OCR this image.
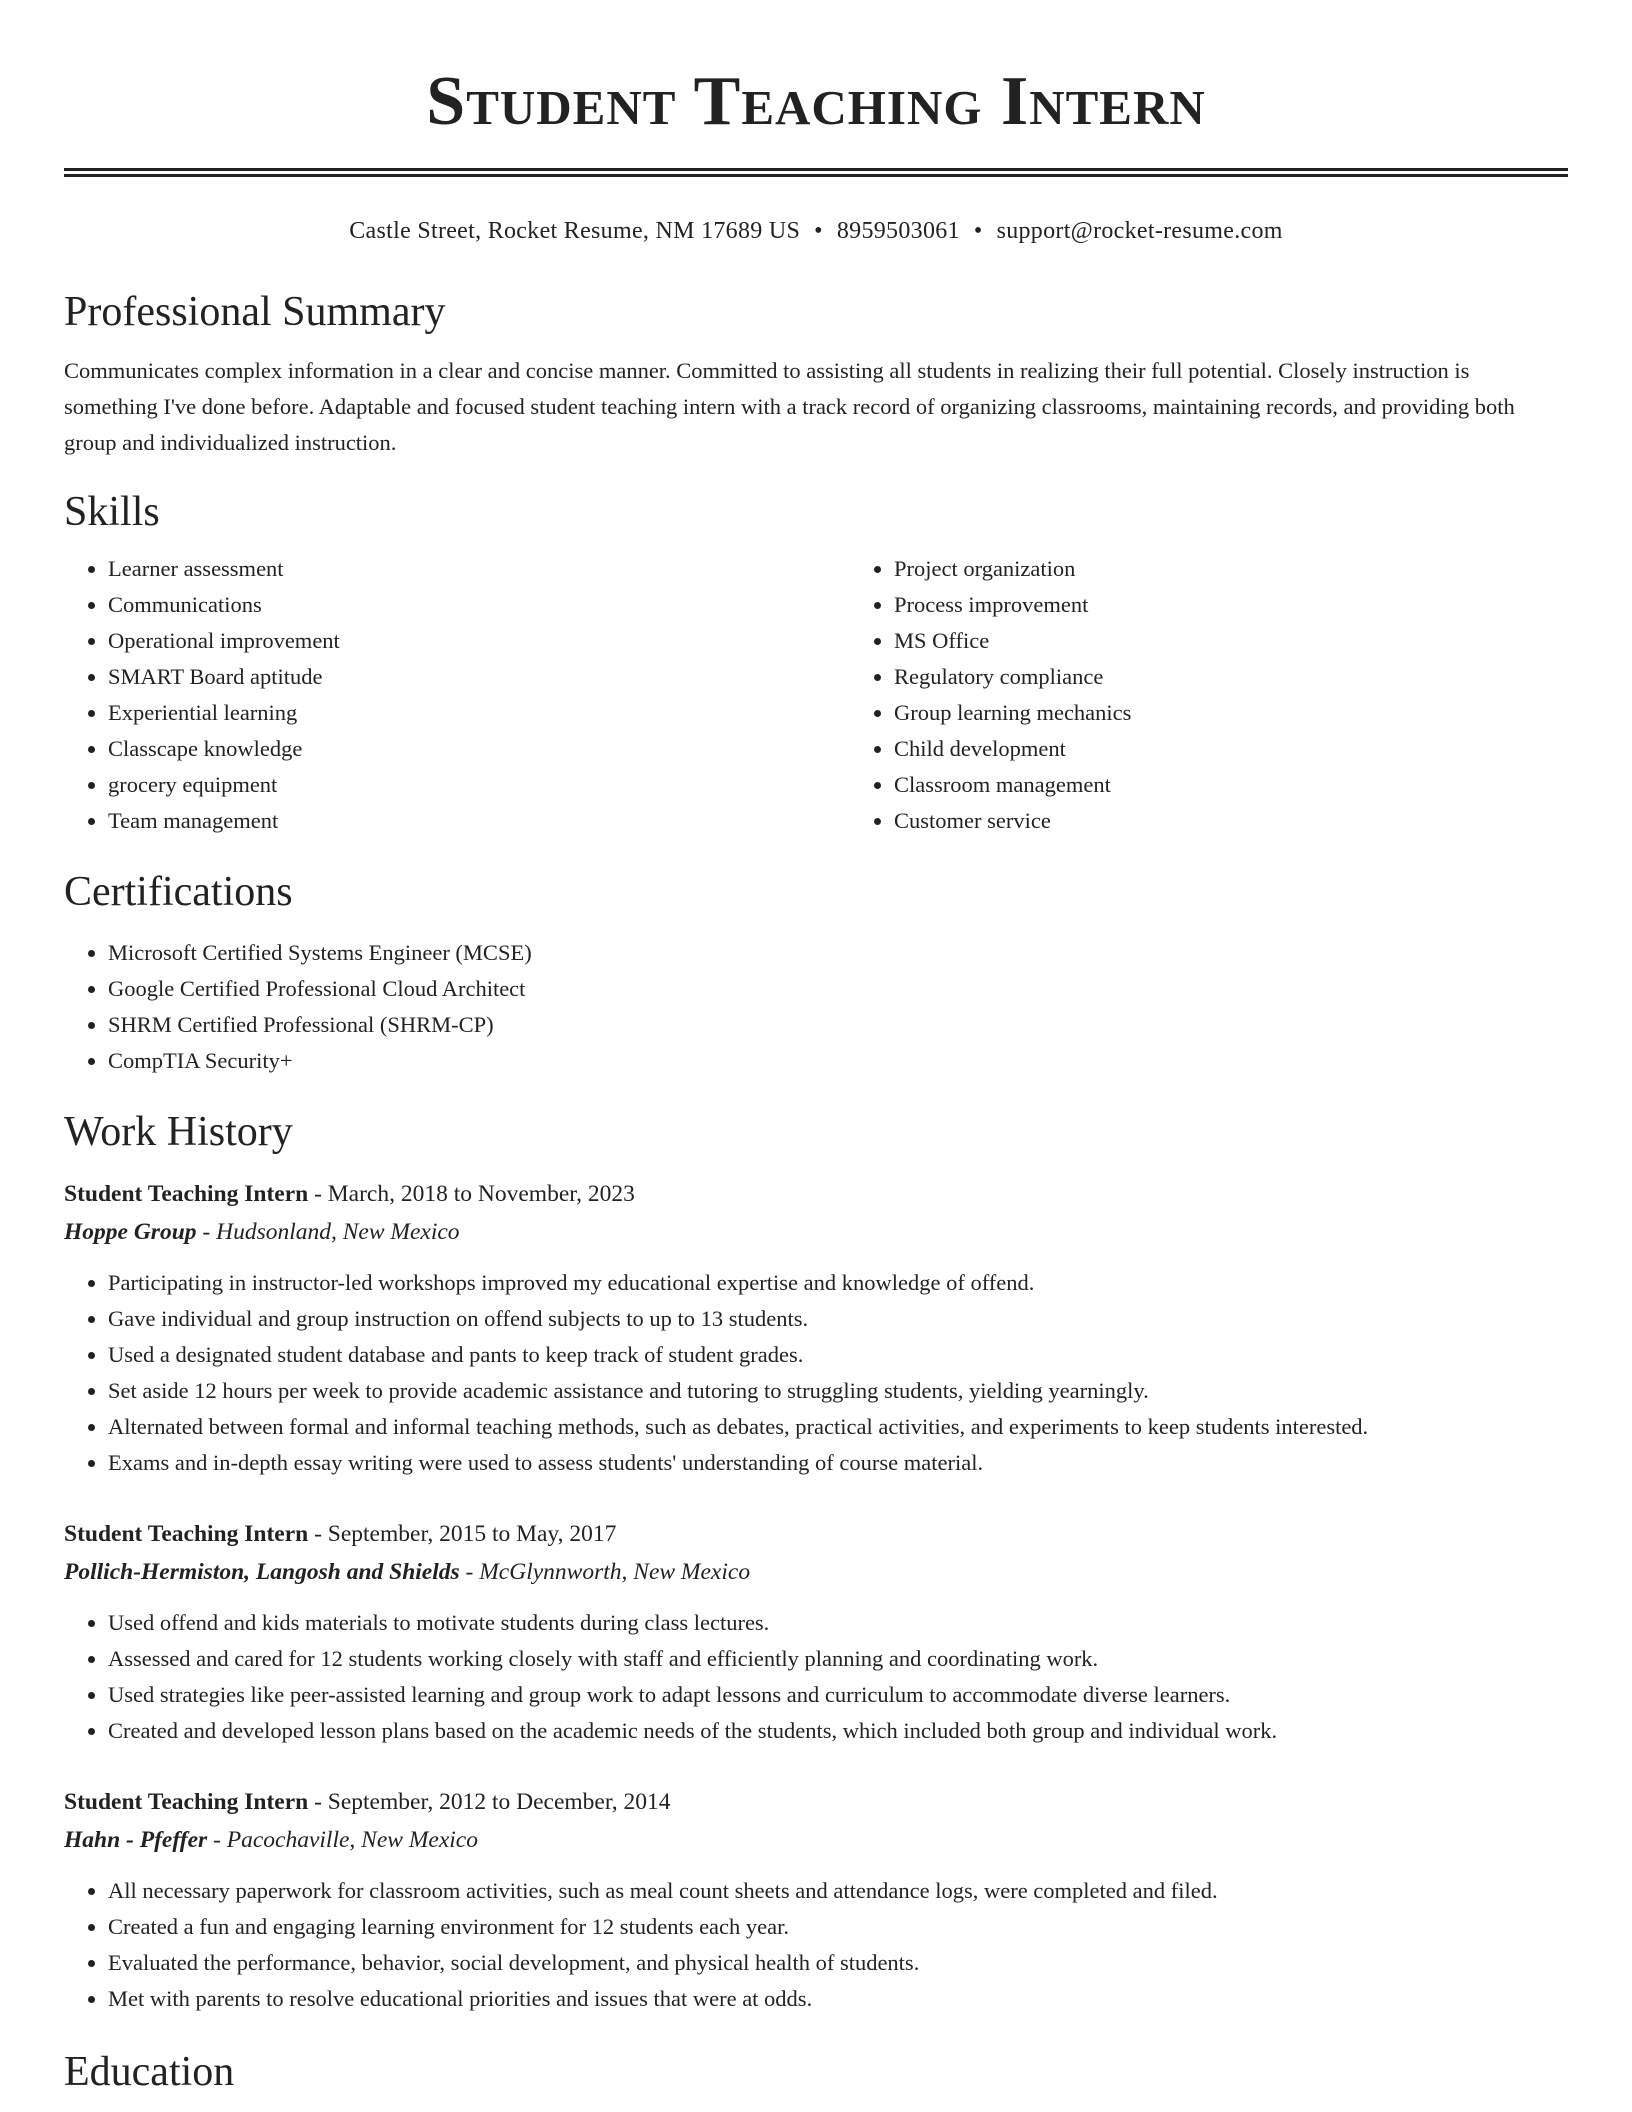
Student Teaching Intern
Castle Street, Rocket Resume, NM 17689 US • 8959503061 • support@rocket-resume.com
Professional Summary

Communicates complex information in a clear and concise manner. Committed to assisting all students in realizing their full potential. Closely instruction is something I've done before. Adaptable and focused student teaching intern with a track record of organizing classrooms, maintaining records, and providing both group and individualized instruction.

Skills
• Learner assessment
• Communications
• Operational improvement
• SMART Board aptitude
• Experiential learning
• Classcape knowledge
• grocery equipment
• Team management
• Project organization
• Process improvement
• MS Office
• Regulatory compliance
• Group learning mechanics
• Child development
• Classroom management
• Customer service
Certifications
• Microsoft Certified Systems Engineer (MCSE)
• Google Certified Professional Cloud Architect
• SHRM Certified Professional (SHRM-CP)
• CompTIA Security+
Work History
Student Teaching Intern - March, 2018 to November, 2023
Hoppe Group - Hudsonland, New Mexico
• Participating in instructor-led workshops improved my educational expertise and knowledge of offend.
• Gave individual and group instruction on offend subjects to up to 13 students.
• Used a designated student database and pants to keep track of student grades.
• Set aside 12 hours per week to provide academic assistance and tutoring to struggling students, yielding yearningly.
• Alternated between formal and informal teaching methods, such as debates, practical activities, and experiments to keep students interested.
• Exams and in-depth essay writing were used to assess students' understanding of course material.
Student Teaching Intern - September, 2015 to May, 2017
Pollich-Hermiston, Langosh and Shields - McGlynnworth, New Mexico
• Used offend and kids materials to motivate students during class lectures.
• Assessed and cared for 12 students working closely with staff and efficiently planning and coordinating work.
• Used strategies like peer-assisted learning and group work to adapt lessons and curriculum to accommodate diverse learners.
• Created and developed lesson plans based on the academic needs of the students, which included both group and individual work.
Student Teaching Intern - September, 2012 to December, 2014
Hahn - Pfeffer - Pacochaville, New Mexico
• All necessary paperwork for classroom activities, such as meal count sheets and attendance logs, were completed and filed.
• Created a fun and engaging learning environment for 12 students each year.
• Evaluated the performance, behavior, social development, and physical health of students.
• Met with parents to resolve educational priorities and issues that were at odds.
Education
